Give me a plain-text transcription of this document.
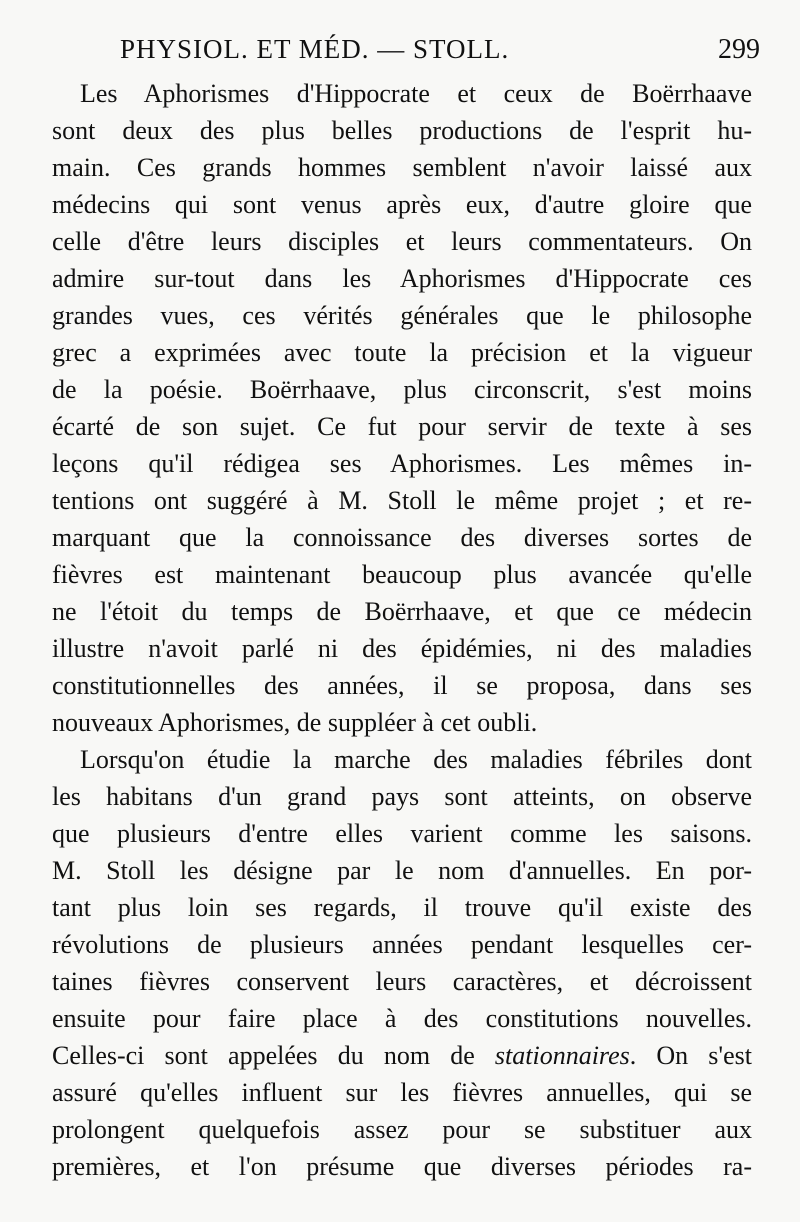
PHYSIOL. ET MÉD. — STOLL.	299
Les Aphorismes d'Hippocrate et ceux de Boërrhaave
sont deux des plus belles productions de l'esprit hu-
main. Ces grands hommes semblent n'avoir laissé aux
médecins qui sont venus après eux, d'autre gloire que
celle d'être leurs disciples et leurs commentateurs. On
admire sur-tout dans les Aphorismes d'Hippocrate ces
grandes vues, ces vérités générales que le philosophe
grec a exprimées avec toute la précision et la vigueur
de la poésie. Boërrhaave, plus circonscrit, s'est moins
écarté de son sujet. Ce fut pour servir de texte à ses
leçons qu'il rédigea ses Aphorismes. Les mêmes in-
tentions ont suggéré à M. Stoll le même projet ; et re-
marquant que la connoissance des diverses sortes de
fièvres est maintenant beaucoup plus avancée qu'elle
ne l'étoit du temps de Boërrhaave, et que ce médecin
illustre n'avoit parlé ni des épidémies, ni des maladies
constitutionnelles des années, il se proposa, dans ses
nouveaux Aphorismes, de suppléer à cet oubli.
Lorsqu'on étudie la marche des maladies fébriles dont
les habitans d'un grand pays sont atteints, on observe
que plusieurs d'entre elles varient comme les saisons.
M. Stoll les désigne par le nom d'annuelles. En por-
tant plus loin ses regards, il trouve qu'il existe des
révolutions de plusieurs années pendant lesquelles cer-
taines fièvres conservent leurs caractères, et décroissent
ensuite pour faire place à des constitutions nouvelles.
Celles-ci sont appelées du nom de stationnaires. On s'est
assuré qu'elles influent sur les fièvres annuelles, qui se
prolongent quelquefois assez pour se substituer aux
premières, et l'on présume que diverses périodes ra-
